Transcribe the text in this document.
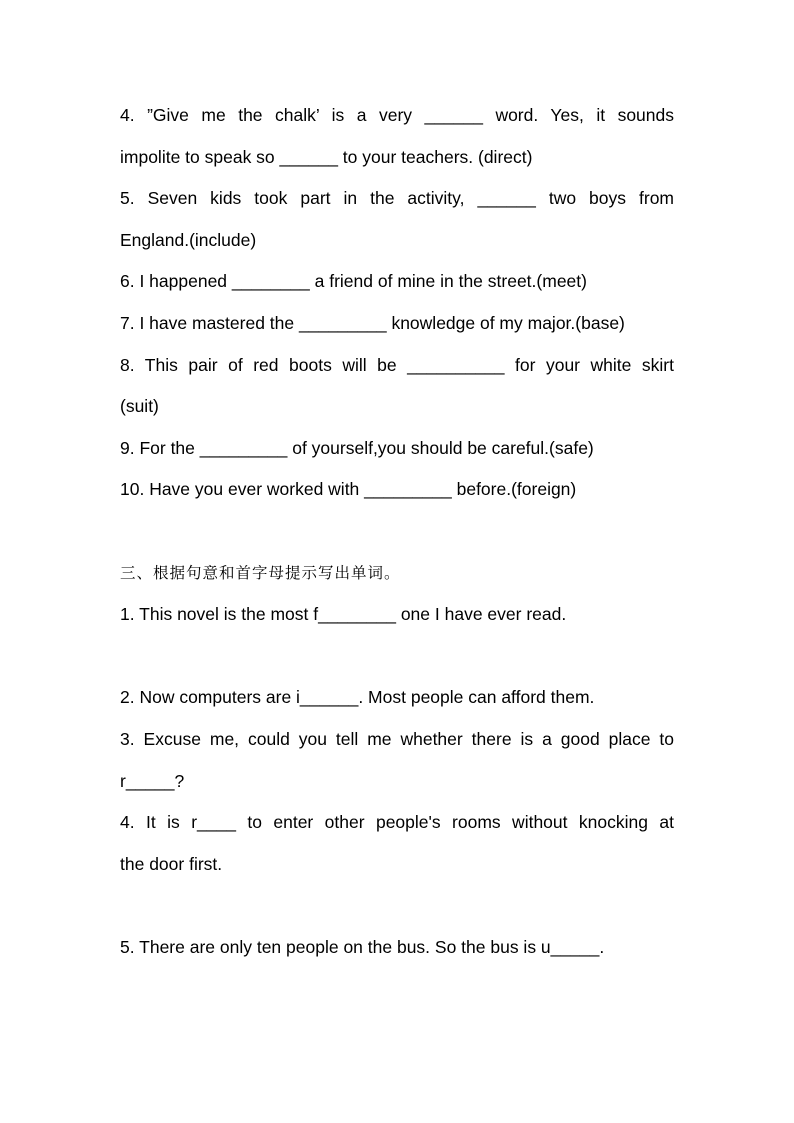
4. ”Give me the chalk’ is a very ______ word. Yes, it sounds
impolite to speak so ______ to your teachers. (direct)
5. Seven kids took part in the activity, ______ two boys from
England.(include)
6. I happened ________ a friend of mine in the street.(meet)
7. I have mastered the _________ knowledge of my major.(base)
8. This pair of red boots will be __________ for your white skirt
(suit)
9. For the _________ of yourself,you should be careful.(safe)
10. Have you ever worked with _________ before.(foreign)
三、根据句意和首字母提示写出单词。
1. This novel is the most f________ one I have ever read.
2. Now computers are i______. Most people can afford them.
3. Excuse me, could you tell me whether there is a good place to
r_____?
4. It is r____ to enter other people's rooms without knocking at
the door first.
5. There are only ten people on the bus. So the bus is u_____.
